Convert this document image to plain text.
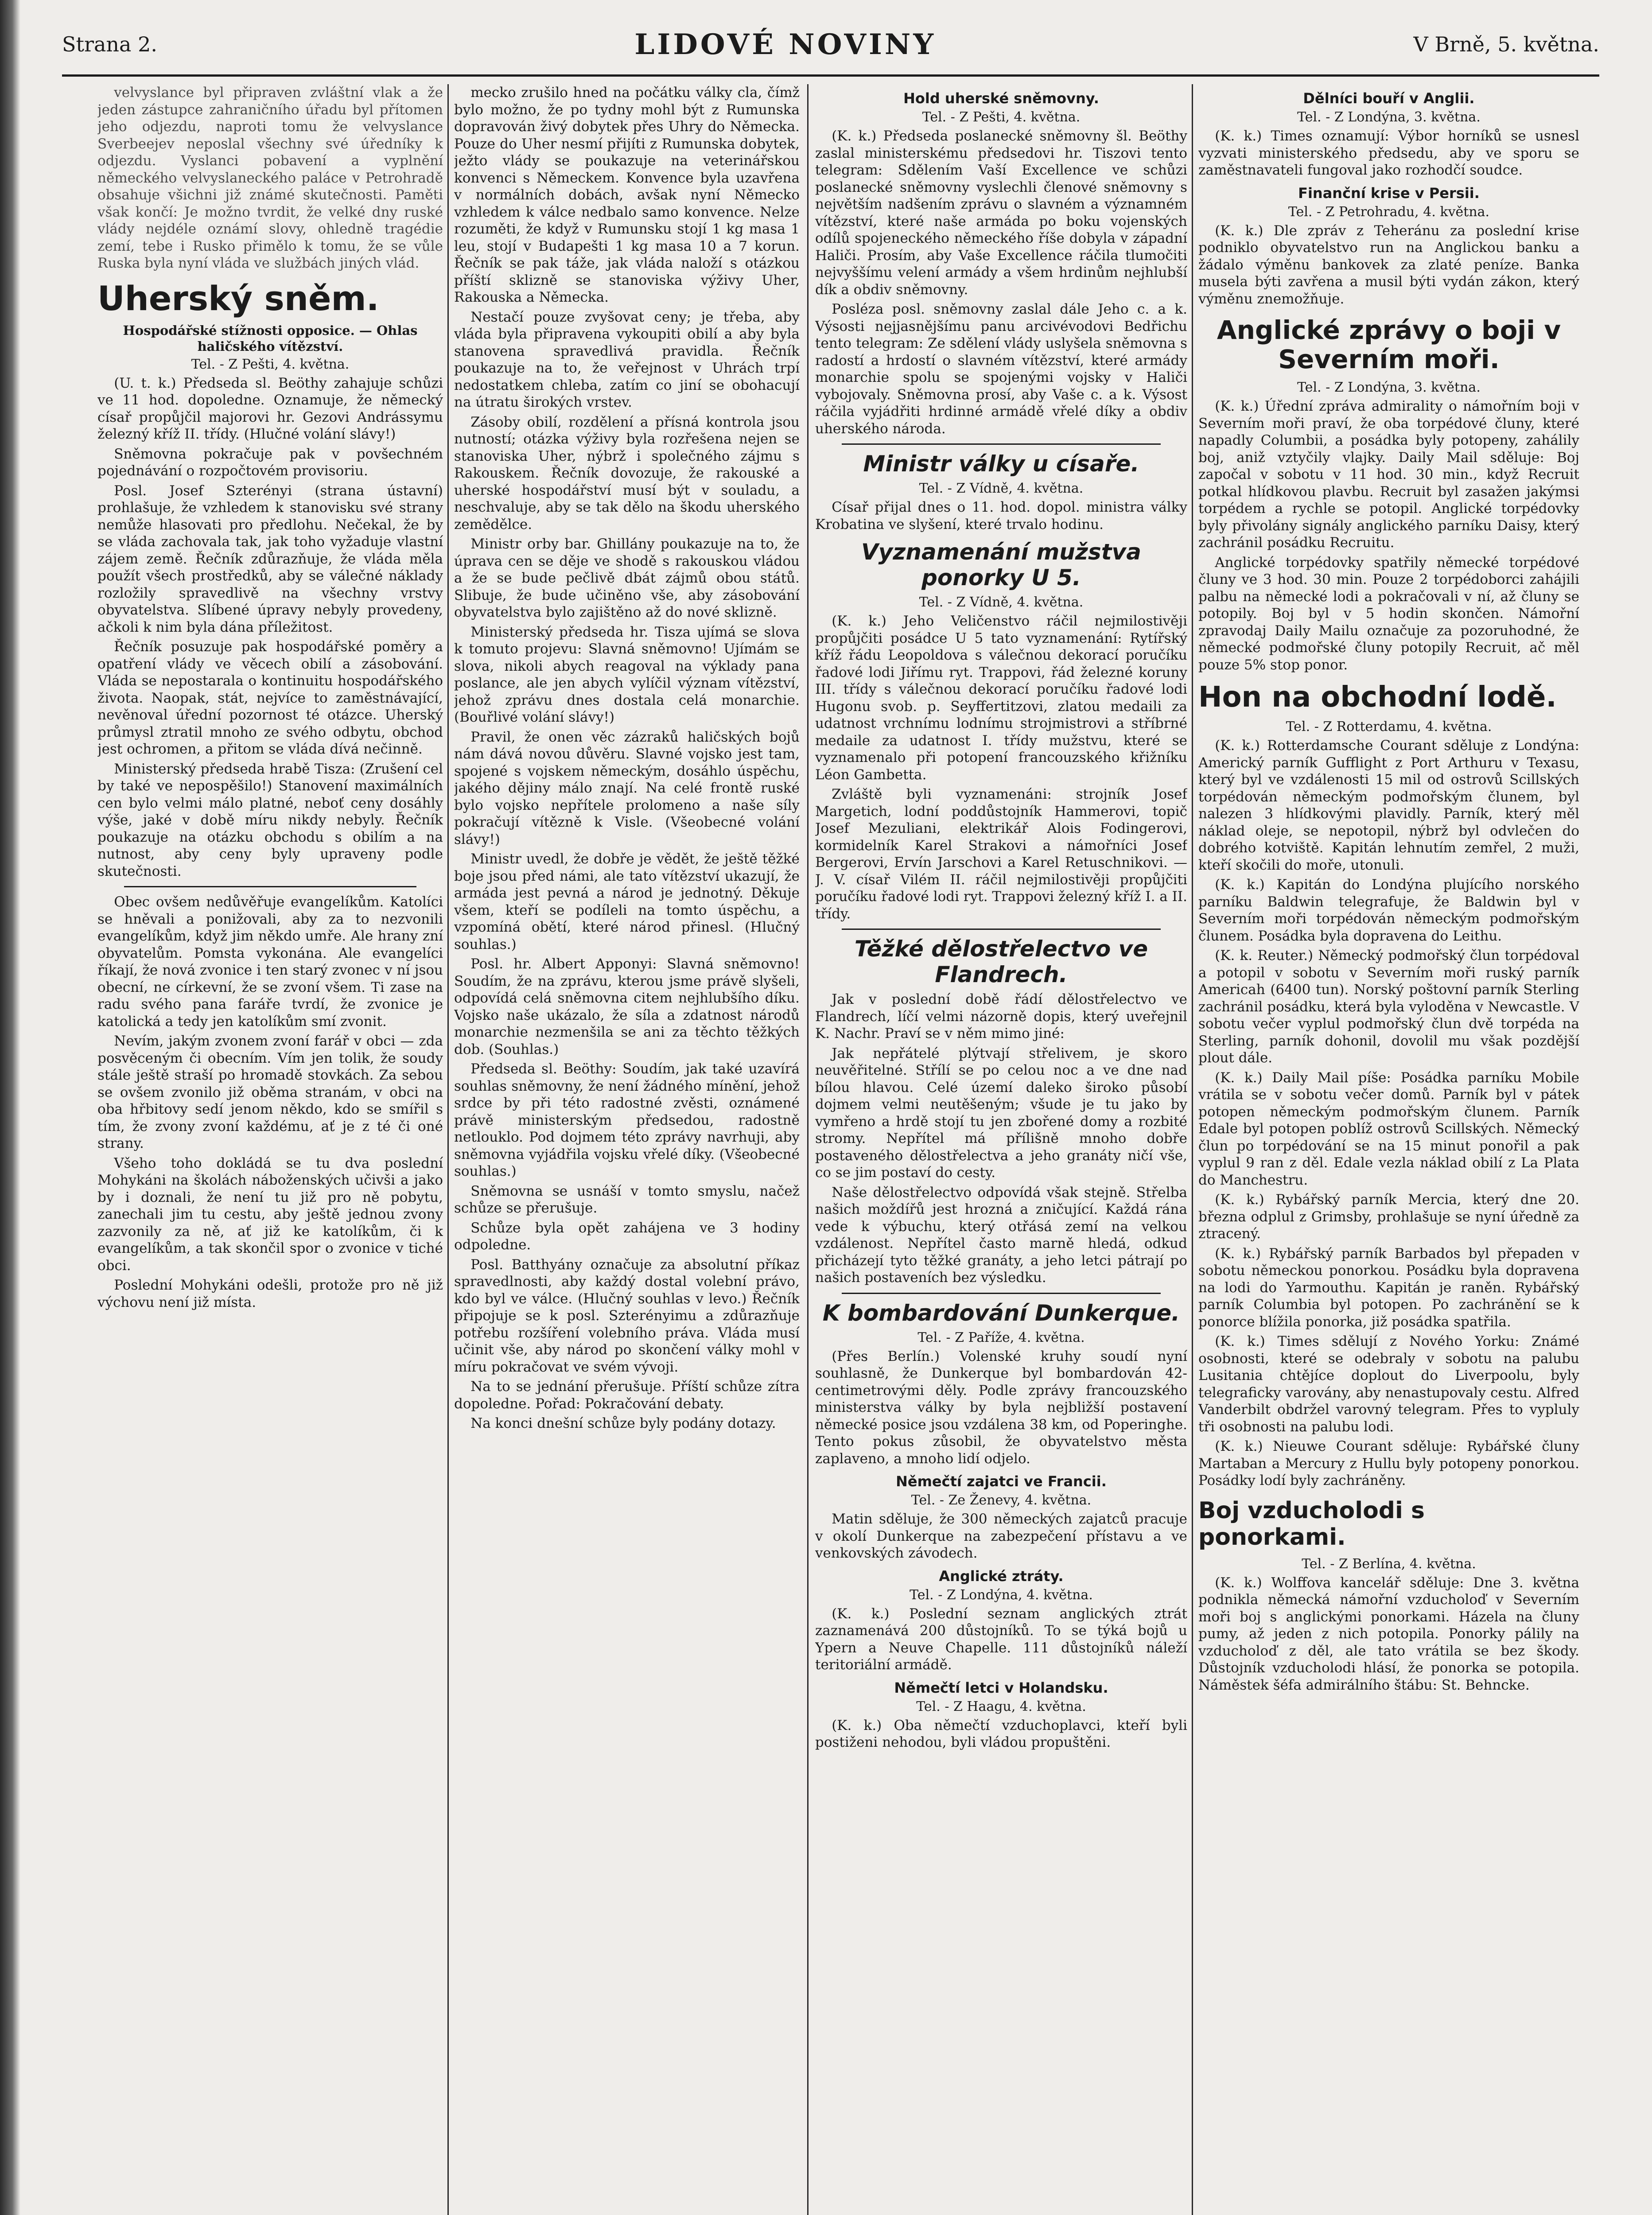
Strana 2.	LIDOVÉ NOVINY	V Brně, 5. května.

velvyslance byl připraven zvláštní vlak a že jeden zástupce zahraničního úřadu byl přítomen jeho odjezdu, naproti tomu že velvyslance Sverbeejev neposlal všechny své úředníky k odjezdu. Vyslanci pobavení a vyplnění německého velvyslaneckého paláce v Petrohradě obsahuje všichni již známé skutečnosti. Paměti však končí: Je možno tvrdit, že velké dny ruské vlády nejdéle oznámí slovy, ohledně tragédie zemí, tebe i Rusko přimělo k tomu, že se vůle Ruska byla nyní vláda ve službách jiných vlád.

Uherský sněm.
Hospodářské stížnosti opposice. — Ohlas haličského vítězství.
Tel. - Z Pešti, 4. května.

(U. t. k.) Předseda sl. Beöthy zahajuje schůzi ve 11 hod. dopoledne. Oznamuje, že německý císař propůjčil majorovi hr. Gezovi Andrássymu železný kříž II. třídy. (Hlučné volání slávy!)

Sněmovna pokračuje pak v povšechném pojednávání o rozpočtovém provisoriu.

Posl. Josef Szterényi (strana ústavní) prohlašuje, že vzhledem k stanovisku své strany nemůže hlasovati pro předlohu. Nečekal, že by se vláda zachovala tak, jak toho vyžaduje vlastní zájem země. Řečník zdůrazňuje, že vláda měla použít všech prostředků, aby se válečné náklady rozložily spravedlivě na všechny vrstvy obyvatelstva. Slíbené úpravy nebyly provedeny, ačkoli k nim byla dána příležitost.

Řečník posuzuje pak hospodářské poměry a opatření vlády ve věcech obilí a zásobování. Vláda se nepostarala o kontinuitu hospodářského života. Naopak, stát, nejvíce to zaměstnávající, nevěnoval úřední pozornost té otázce. Uherský průmysl ztratil mnoho ze svého odbytu, obchod jest ochromen, a přitom se vláda dívá nečinně.

Ministerský předseda hrabě Tisza: (Zrušení cel by také ve nepospěšilo!) Stanovení maximálních cen bylo velmi málo platné, neboť ceny dosáhly výše, jaké v době míru nikdy nebyly. Řečník poukazuje na otázku obchodu s obilím a na nutnost, aby ceny byly upraveny podle skutečnosti.

Obec ovšem nedůvěřuje evangelíkům. Katolíci se hněvali a ponižovali, aby za to nezvonili evangelíkům, když jim někdo umře. Ale hrany zní obyvatelům. Pomsta vykonána. Ale evangelíci říkají, že nová zvonice i ten starý zvonec v ní jsou obecní, ne církevní, že se zvoní všem. Ti zase na radu svého pana faráře tvrdí, že zvonice je katolická a tedy jen katolíkům smí zvonit.

Nevím, jakým zvonem zvoní farář v obci — zda posvěceným či obecním. Vím jen tolik, že soudy stále ještě straší po hromadě stovkách. Za sebou se ovšem zvonilo již oběma stranám, v obci na oba hřbitovy sedí jenom někdo, kdo se smířil s tím, že zvony zvoní každému, ať je z té či oné strany.

Všeho toho dokládá se tu dva poslední Mohykáni na školách náboženských učivši a jako by i doznali, že není tu již pro ně pobytu, zanechali jim tu cestu, aby ještě jednou zvony zazvonily za ně, ať již ke katolíkům, či k evangelíkům, a tak skončil spor o zvonice v tiché obci.

Poslední Mohykáni odešli, protože pro ně již výchovu není již místa.

mecko zrušilo hned na počátku války cla, čímž bylo možno, že po tydny mohl být z Rumunska dopravován živý dobytek přes Uhry do Německa. Pouze do Uher nesmí přijíti z Rumunska dobytek, ježto vlády se poukazuje na veterinářskou konvenci s Německem. Konvence byla uzavřena v normálních dobách, avšak nyní Německo vzhledem k válce nedbalo samo konvence. Nelze rozuměti, že když v Rumunsku stojí 1 kg masa 1 leu, stojí v Budapešti 1 kg masa 10 a 7 korun. Řečník se pak táže, jak vláda naloží s otázkou příští sklizně se stanoviska výživy Uher, Rakouska a Německa.

Nestačí pouze zvyšovat ceny; je třeba, aby vláda byla připravena vykoupiti obilí a aby byla stanovena spravedlivá pravidla. Řečník poukazuje na to, že veřejnost v Uhrách trpí nedostatkem chleba, zatím co jiní se obohacují na útratu širokých vrstev.

Zásoby obilí, rozdělení a přísná kontrola jsou nutností; otázka výživy byla rozřešena nejen se stanoviska Uher, nýbrž i společného zájmu s Rakouskem. Řečník dovozuje, že rakouské a uherské hospodářství musí být v souladu, a neschvaluje, aby se tak dělo na škodu uherského zemědělce.

Ministr orby bar. Ghillány poukazuje na to, že úprava cen se děje ve shodě s rakouskou vládou a že se bude pečlivě dbát zájmů obou států. Slibuje, že bude učiněno vše, aby zásobování obyvatelstva bylo zajištěno až do nové sklizně.

Ministerský předseda hr. Tisza ujímá se slova k tomuto projevu: Slavná sněmovno! Ujímám se slova, nikoli abych reagoval na výklady pana poslance, ale jen abych vylíčil význam vítězství, jehož zprávu dnes dostala celá monarchie. (Bouřlivé volání slávy!)

Pravil, že onen věc zázraků haličských bojů nám dává novou důvěru. Slavné vojsko jest tam, spojené s vojskem německým, dosáhlo úspěchu, jakého dějiny málo znají. Na celé frontě ruské bylo vojsko nepřítele prolomeno a naše síly pokračují vítězně k Visle. (Všeobecné volání slávy!)

Ministr uvedl, že dobře je vědět, že ještě těžké boje jsou před námi, ale tato vítězství ukazují, že armáda jest pevná a národ je jednotný. Děkuje všem, kteří se podíleli na tomto úspěchu, a vzpomíná obětí, které národ přinesl. (Hlučný souhlas.)

Posl. hr. Albert Apponyi: Slavná sněmovno! Soudím, že na zprávu, kterou jsme právě slyšeli, odpovídá celá sněmovna citem nejhlubšího díku. Vojsko naše ukázalo, že síla a zdatnost národů monarchie nezmenšila se ani za těchto těžkých dob. (Souhlas.)

Předseda sl. Beöthy: Soudím, jak také uzavírá souhlas sněmovny, že není žádného mínění, jehož srdce by při této radostné zvěsti, oznámené právě ministerským předsedou, radostně netlouklo. Pod dojmem této zprávy navrhuji, aby sněmovna vyjádřila vojsku vřelé díky. (Všeobecné souhlas.)

Sněmovna se usnáší v tomto smyslu, načež schůze se přerušuje.

Schůze byla opět zahájena ve 3 hodiny odpoledne.

Posl. Batthyány označuje za absolutní příkaz spravedlnosti, aby každý dostal volební právo, kdo byl ve válce. (Hlučný souhlas v levo.) Řečník připojuje se k posl. Szterényimu a zdůrazňuje potřebu rozšíření volebního práva. Vláda musí učinit vše, aby národ po skončení války mohl v míru pokračovat ve svém vývoji.

Na to se jednání přerušuje. Příští schůze zítra dopoledne. Pořad: Pokračování debaty.

Na konci dnešní schůze byly podány dotazy.

Hold uherské sněmovny.
Tel. - Z Pešti, 4. května.

(K. k.) Předseda poslanecké sněmovny šl. Beöthy zaslal ministerskému předsedovi hr. Tiszovi tento telegram: Sdělením Vaší Excellence ve schůzi poslanecké sněmovny vyslechli členové sněmovny s největším nadšením zprávu o slavném a významném vítězství, které naše armáda po boku vojenských odílů spojeneckého německého říše dobyla v západní Haliči. Prosím, aby Vaše Excellence ráčila tlumočiti nejvyššímu velení armády a všem hrdinům nejhlubší dík a obdiv sněmovny.

Posléza posl. sněmovny zaslal dále Jeho c. a k. Výsosti nejjasnějšímu panu arcivévodovi Bedřichu tento telegram: Ze sdělení vlády uslyšela sněmovna s radostí a hrdostí o slavném vítězství, které armády monarchie spolu se spojenými vojsky v Haliči vybojovaly. Sněmovna prosí, aby Vaše c. a k. Výsost ráčila vyjádřiti hrdinné armádě vřelé díky a obdiv uherského národa.

Ministr války u císaře.
Tel. - Z Vídně, 4. května.

Císař přijal dnes o 11. hod. dopol. ministra války Krobatina ve slyšení, které trvalo hodinu.

Vyznamenání mužstva ponorky U 5.
Tel. - Z Vídně, 4. května.

(K. k.) Jeho Veličenstvo ráčil nejmilostivěji propůjčiti posádce U 5 tato vyznamenání: Rytířský kříž řádu Leopoldova s válečnou dekorací poručíku řadové lodi Jiřímu ryt. Trappovi, řád železné koruny III. třídy s válečnou dekorací poručíku řadové lodi Hugonu svob. p. Seyffertitzovi, zlatou medaili za udatnost vrchnímu lodnímu strojmistrovi a stříbrné medaile za udatnost I. třídy mužstvu, které se vyznamenalo při potopení francouzského křižníku Léon Gambetta.

Zvláště byli vyznamenáni: strojník Josef Margetich, lodní poddůstojník Hammerovi, topič Josef Mezuliani, elektrikář Alois Fodingerovi, kormidelník Karel Strakovi a námořníci Josef Bergerovi, Ervín Jarschovi a Karel Retuschnikovi. — J. V. císař Vilém II. ráčil nejmilostivěji propůjčiti poručíku řadové lodi ryt. Trappovi železný kříž I. a II. třídy.

Těžké dělostřelectvo ve Flandrech.

Jak v poslední době řádí dělostřelectvo ve Flandrech, líčí velmi názorně dopis, který uveřejnil K. Nachr. Praví se v něm mimo jiné:

Jak nepřátelé plýtvají střelivem, je skoro neuvěřitelné. Střílí se po celou noc a ve dne nad bílou hlavou. Celé území daleko široko působí dojmem velmi neutěšeným; všude je tu jako by vymřeno a hrdě stojí tu jen zbořené domy a rozbité stromy. Nepřítel má přílišně mnoho dobře postaveného dělostřelectva a jeho granáty ničí vše, co se jim postaví do cesty.

Naše dělostřelectvo odpovídá však stejně. Střelba našich moždířů jest hrozná a zničující. Každá rána vede k výbuchu, který otřásá zemí na velkou vzdálenost. Nepřítel často marně hledá, odkud přicházejí tyto těžké granáty, a jeho letci pátrají po našich postaveních bez výsledku.

K bombardování Dunkerque.
Tel. - Z Paříže, 4. května.

(Přes Berlín.) Volenské kruhy soudí nyní souhlasně, že Dunkerque byl bombardován 42-centimetrovými děly. Podle zprávy francouzského ministerstva války by byla nejbližší postavení německé posice jsou vzdálena 38 km, od Poperinghe. Tento pokus zůsobil, že obyvatelstvo města zaplaveno, a mnoho lidí odjelo.

Němečtí zajatci ve Francii.
Tel. - Ze Ženevy, 4. května.

Matin sděluje, že 300 německých zajatců pracuje v okolí Dunkerque na zabezpečení přístavu a ve venkovských závodech.

Anglické ztráty.
Tel. - Z Londýna, 4. května.

(K. k.) Poslední seznam anglických ztrát zaznamenává 200 důstojníků. To se týká bojů u Ypern a Neuve Chapelle. 111 důstojníků náleží teritoriální armádě.

Němečtí letci v Holandsku.
Tel. - Z Haagu, 4. května.

(K. k.) Oba němečtí vzduchoplavci, kteří byli postiženi nehodou, byli vládou propuštěni.

Dělníci bouří v Anglii.
Tel. - Z Londýna, 3. května.

(K. k.) Times oznamují: Výbor horníků se usnesl vyzvati ministerského předsedu, aby ve sporu se zaměstnavateli fungoval jako rozhodčí soudce.

Finanční krise v Persii.
Tel. - Z Petrohradu, 4. května.

(K. k.) Dle zpráv z Teheránu za poslední krise podniklo obyvatelstvo run na Anglickou banku a žádalo výměnu bankovek za zlaté peníze. Banka musela býti zavřena a musil býti vydán zákon, který výměnu znemožňuje.

Anglické zprávy o boji v Severním moři.
Tel. - Z Londýna, 3. května.

(K. k.) Úřední zpráva admirality o námořním boji v Severním moři praví, že oba torpédové čluny, které napadly Columbii, a posádka byly potopeny, zahálily boj, aniž vztyčily vlajky. Daily Mail sděluje: Boj započal v sobotu v 11 hod. 30 min., když Recruit potkal hlídkovou plavbu. Recruit byl zasažen jakýmsi torpédem a rychle se potopil. Anglické torpédovky byly přivolány signály anglického parníku Daisy, který zachránil posádku Recruitu.

Anglické torpédovky spatřily německé torpédové čluny ve 3 hod. 30 min. Pouze 2 torpédoborci zahájili palbu na německé lodi a pokračovali v ní, až čluny se potopily. Boj byl v 5 hodin skončen. Námořní zpravodaj Daily Mailu označuje za pozoruhodné, že německé podmořské čluny potopily Recruit, ač měl pouze 5% stop ponor.

Hon na obchodní lodě.
Tel. - Z Rotterdamu, 4. května.

(K. k.) Rotterdamsche Courant sděluje z Londýna: Americký parník Gufflight z Port Arthuru v Texasu, který byl ve vzdálenosti 15 mil od ostrovů Scillských torpédován německým podmořským člunem, byl nalezen 3 hlídkovými plavidly. Parník, který měl náklad oleje, se nepotopil, nýbrž byl odvlečen do dobrého kotviště. Kapitán lehnutím zemřel, 2 muži, kteří skočili do moře, utonuli.

(K. k.) Kapitán do Londýna plujícího norského parníku Baldwin telegrafuje, že Baldwin byl v Severním moři torpédován německým podmořským člunem. Posádka byla dopravena do Leithu.

(K. k. Reuter.) Německý podmořský člun torpédoval a potopil v sobotu v Severním moři ruský parník Americah (6400 tun). Norský poštovní parník Sterling zachránil posádku, která byla vyloděna v Newcastle. V sobotu večer vyplul podmořský člun dvě torpéda na Sterling, parník dohonil, dovolil mu však pozdější plout dále.

(K. k.) Daily Mail píše: Posádka parníku Mobile vrátila se v sobotu večer domů. Parník byl v pátek potopen německým podmořským člunem. Parník Edale byl potopen poblíž ostrovů Scillských. Německý člun po torpédování se na 15 minut ponořil a pak vyplul 9 ran z děl. Edale vezla náklad obilí z La Plata do Manchestru.

(K. k.) Rybářský parník Mercia, který dne 20. března odplul z Grimsby, prohlašuje se nyní úředně za ztracený.

(K. k.) Rybářský parník Barbados byl přepaden v sobotu německou ponorkou. Posádku byla dopravena na lodi do Yarmouthu. Kapitán je raněn. Rybářský parník Columbia byl potopen. Po zachránění se k ponorce blížila ponorka, již posádka spatřila.

(K. k.) Times sdělují z Nového Yorku: Známé osobnosti, které se odebraly v sobotu na palubu Lusitania chtějíce doplout do Liverpoolu, byly telegraficky varovány, aby nenastupovaly cestu. Alfred Vanderbilt obdržel varovný telegram. Přes to vypluly tři osobnosti na palubu lodi.

(K. k.) Nieuwe Courant sděluje: Rybářské čluny Martaban a Mercury z Hullu byly potopeny ponorkou. Posádky lodí byly zachráněny.

Boj vzducholodi s ponorkami.
Tel. - Z Berlína, 4. května.

(K. k.) Wolffova kancelář sděluje: Dne 3. května podnikla německá námořní vzducholoď v Severním moři boj s anglickými ponorkami. Házela na čluny pumy, až jeden z nich potopila. Ponorky pálily na vzducholoď z děl, ale tato vrátila se bez škody. Důstojník vzducholodi hlásí, že ponorka se potopila. Náměstek šéfa admirálního štábu: St. Behncke.
